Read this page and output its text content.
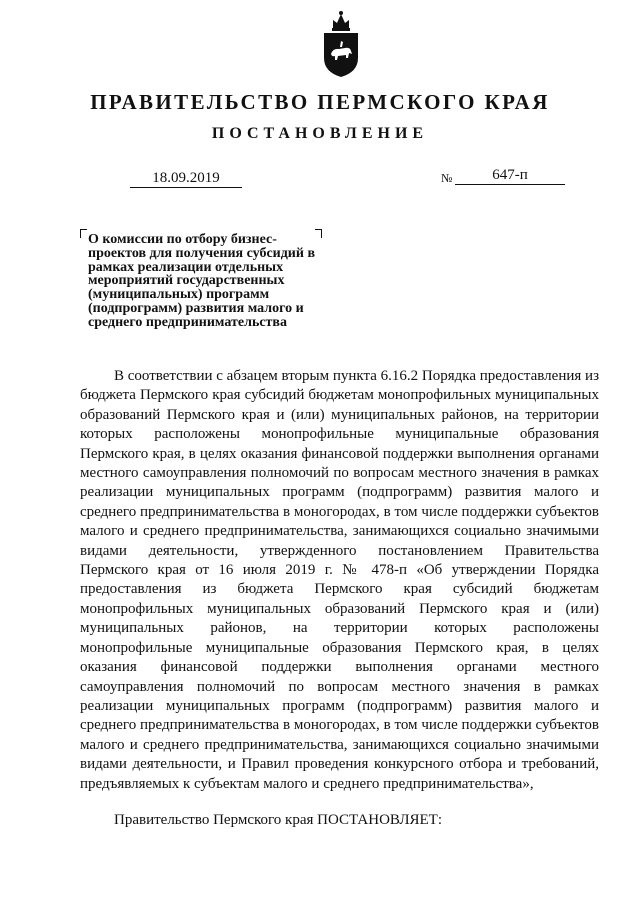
ПРАВИТЕЛЬСТВО ПЕРМСКОГО КРАЯ
ПОСТАНОВЛЕНИЕ
18.09.2019	№	647-п
О комиссии по отбору бизнес-проектов для получения субсидий в рамках реализации отдельных мероприятий государственных (муниципальных) программ (подпрограмм) развития малого и среднего предпринимательства

В соответствии с абзацем вторым пункта 6.16.2 Порядка предоставления из бюджета Пермского края субсидий бюджетам монопрофильных муниципальных образований Пермского края и (или) муниципальных районов, на территории которых расположены монопрофильные муниципальные образования Пермского края, в целях оказания финансовой поддержки выполнения органами местного самоуправления полномочий по вопросам местного значения в рамках реализации муниципальных программ (подпрограмм) развития малого и среднего предпринимательства в моногородах, в том числе поддержки субъектов малого и среднего предпринимательства, занимающихся социально значимыми видами деятельности, утвержденного постановлением Правительства Пермского края от 16 июля 2019 г. № 478-п «Об утверждении Порядка предоставления из бюджета Пермского края субсидий бюджетам монопрофильных муниципальных образований Пермского края и (или) муниципальных районов, на территории которых расположены монопрофильные муниципальные образования Пермского края, в целях оказания финансовой поддержки выполнения органами местного самоуправления полномочий по вопросам местного значения в рамках реализации муниципальных программ (подпрограмм) развития малого и среднего предпринимательства в моногородах, в том числе поддержки субъектов малого и среднего предпринимательства, занимающихся социально значимыми видами деятельности, и Правил проведения конкурсного отбора и требований, предъявляемых к субъектам малого и среднего предпринимательства»,

Правительство Пермского края ПОСТАНОВЛЯЕТ:
